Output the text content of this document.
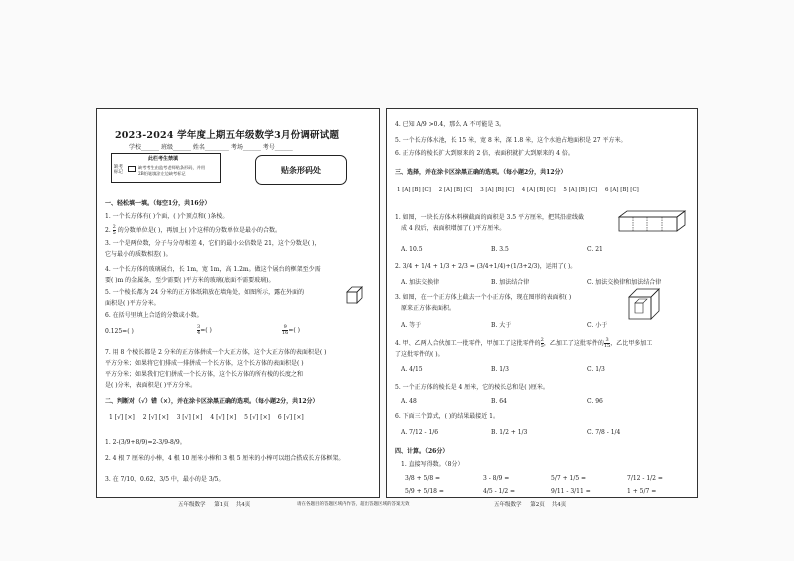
2023-2024 学年度上期五年级数学3月份调研试题
学校______ 班级______ 姓名________ 考场______ 考号______
此栏考生禁填
缺考标记
缺考考生由监考老师贴条形码，并用
2B铅笔填涂左边缺考标记	贴条形码处
一、轻松填一填。（每空1分，共16分）
1. 一个长方体有( )个面，( )个顶点和( )条棱。
2. $\frac{2}{5}$ 的分数单位是( )，再加上( )个这样的分数单位是最小的合数。
3. 一个是两位数，分子与分母相差 4，它们的最小公倍数是 21，这个分数是( )，
它与最小的质数相差( )。
4. 一个长方体的玻璃展台，长 1m，宽 1m，高 1.2m。做这个展台的框架至少需
要( )m 的金属条，至少需要( )平方米的玻璃(底面不需要玻璃)。
5. 一个棱长都为 24 分米的正方体纸箱放在墙角处，如图所示，露在外面的
面积是( )平方分米。
6. 在括号里填上合适的分数或小数。
0.125=( )	$\frac{3}{4}=$( )	$\frac{9}{16}=$( )
7. 用 8 个棱长都是 2 分米的正方体拼成一个大正方体，这个大正方体的表面积是( )
平方分米；如果将它们排成一排拼成一个长方体，这个长方体的表面积是( )
平方分米；如果我们它们拼成一个长方体，这个长方体的所有棱的长度之和
是( )分米，表面积是( )平方分米。
二、判断对（√）错（×），并在涂卡区涂黑正确的选项。（每小题2分，共12分）
1 [√] [×] 2 [√] [×] 3 [√] [×] 4 [√] [×] 5 [√] [×] 6 [√] [×]
1. 2-(3/9+8/9)=2-3/9-8/9。
2. 4 根 7 厘米的小棒，4 根 10 厘米小棒和 3 根 5 厘米的小棒可以组合搭成长方体框架。
3. 在 7/10、0.62、3/5 中，最小的是 3/5。
五年级数学 第1页 共4页	请在各题目的答题区域内作答，超出答题区域的答案无效	五年级数学 第2页 共4页
4. 已知 A/9 >0.4，那么 A 不可能是 3。
5. 一个长方体水池，长 15 米，宽 8 米，深 1.8 米，这个水池占地面积是 27 平方米。
6. 正方体的棱长扩大到原来的 2 倍，表面积就扩大到原来的 4 倍。
三、选择，并在涂卡区涂黑正确的选项。（每小题2分，共12分）
1 [A] [B] [C] 2 [A] [B] [C] 3 [A] [B] [C] 4 [A] [B] [C] 5 [A] [B] [C] 6 [A] [B] [C]
1. 如图，一块长方体木料横截面的面积是 3.5 平方厘米，把其沿虚线截
成 4 段后，表面积增加了( )平方厘米。
A. 10.5	B. 3.5	C. 21
2. 3/4 + 1/4 + 1/3 + 2/3 = (3/4+1/4)+(1/3+2/3)，运用了( )。
A. 加法交换律	B. 加法结合律	C. 加法交换律和加法结合律
3. 如图，在一个正方体上截去一个小正方体，现在图形的表面积( )
原来正方体表面积。
A. 等于	B. 大于	C. 小于
4. 甲、乙两人合伙加工一批零件，甲加工了这批零件的 $\frac{2}{5}$，乙加工了这批零件的 $\frac{3}{15}$，乙比甲多加工
了这批零件的( )。
A. 4/15	B. 1/3	C. 1/3
5. 一个正方体的棱长是 4 厘米，它的棱长总和是( )厘米。
A. 48	B. 64	C. 96
6. 下面三个算式，( )的结果最接近 1。
A. 7/12 - 1/6	B. 1/2 + 1/3	C. 7/8 - 1/4
四、计算。（26分）
1. 直接写得数。（8分）
3/8 + 5/8 =	3 - 8/9 =	5/7 + 1/5 =	7/12 - 1/2 =
5/9 + 5/18 =	4/5 - 1/2 =	9/11 - 3/11 =	1 + 5/7 =
